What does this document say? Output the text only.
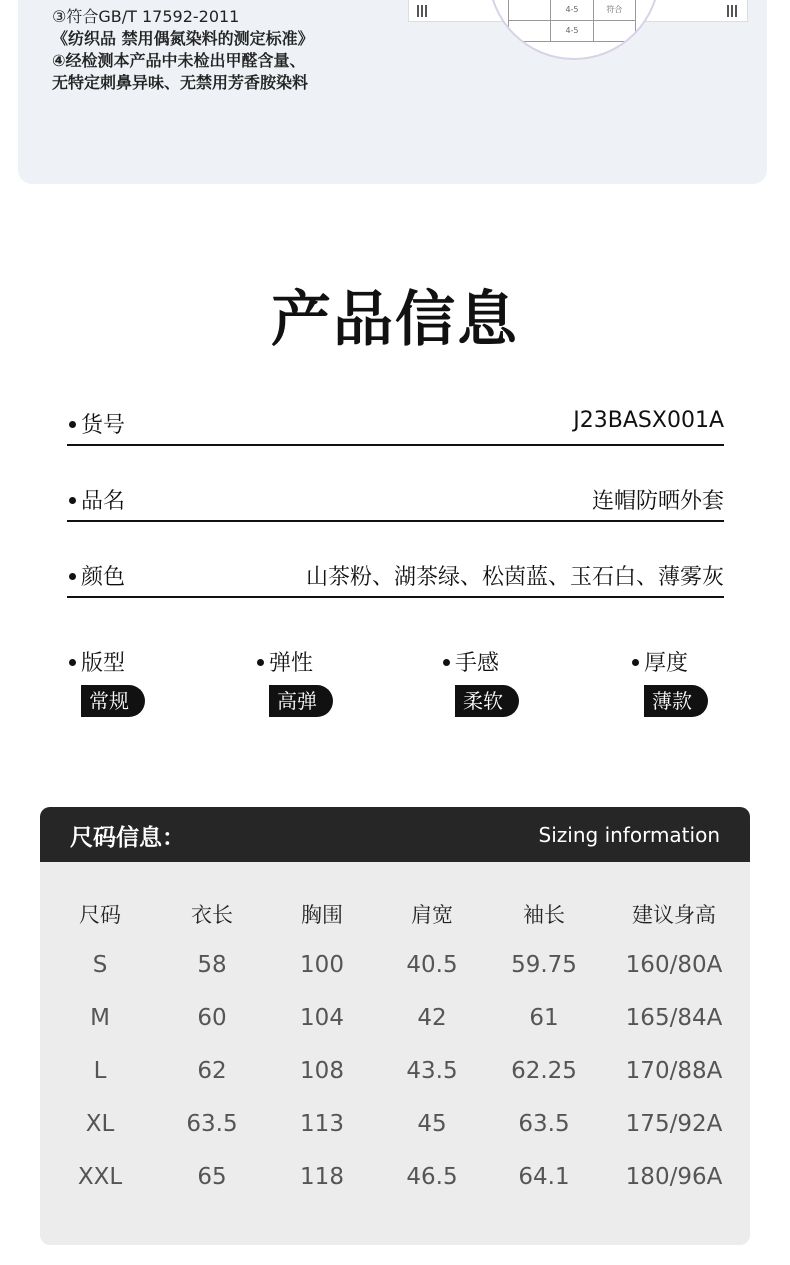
③符合GB/T 17592-2011
《纺织品 禁用偶氮染料的测定标准》
④经检测本产品中未检出甲醛含量、
无特定刺鼻异味、无禁用芳香胺染料
4-5	符合
4-5
产品信息
货号	J23BASX001A
品名	连帽防晒外套
颜色	山茶粉、湖茶绿、松茵蓝、玉石白、薄雾灰
版型
常规
弹性
高弹
手感
柔软
厚度
薄款
尺码信息：	Sizing information
尺码	衣长	胸围	肩宽	袖长	建议身高
S	58	100	40.5	59.75	160/80A
M	60	104	42	61	165/84A
L	62	108	43.5	62.25	170/88A
XL	63.5	113	45	63.5	175/92A
XXL	65	118	46.5	64.1	180/96A
